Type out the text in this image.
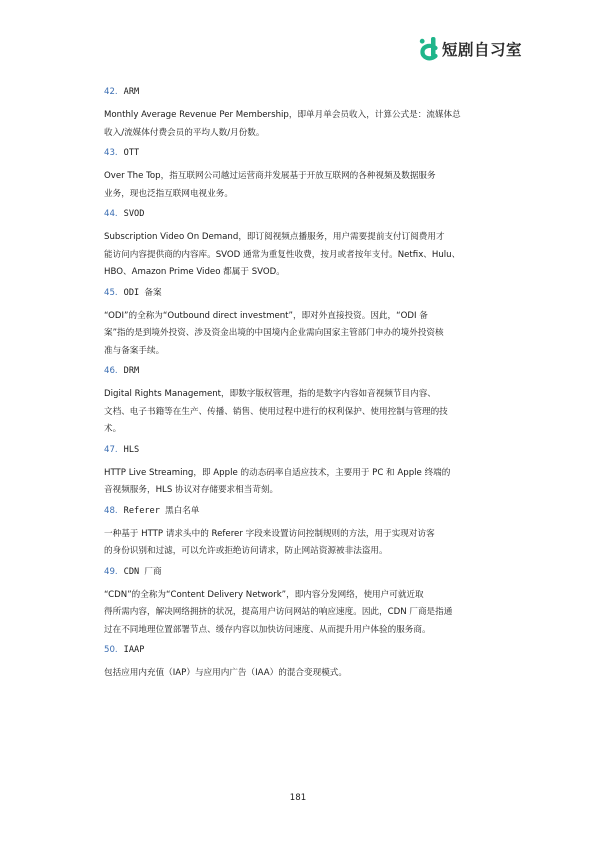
短剧自习室
42. ARM

Monthly Average Revenue Per Membership，即单月单会员收入，计算公式是：流媒体总
收入/流媒体付费会员的平均人数/月份数。

43. OTT

Over The Top，指互联网公司越过运营商并发展基于开放互联网的各种视频及数据服务
业务，现也泛指互联网电视业务。

44. SVOD

Subscription Video On Demand，即订阅视频点播服务，用户需要提前支付订阅费用才
能访问内容提供商的内容库。SVOD 通常为重复性收费，按月或者按年支付。Netfix、Hulu、
HBO、Amazon Prime Video 都属于 SVOD。

45. ODI 备案

“ODI”的全称为“Outbound direct investment”，即对外直接投资。因此，“ODI 备
案”指的是到境外投资、涉及资金出境的中国境内企业需向国家主管部门申办的境外投资核
准与备案手续。

46. DRM

Digital Rights Management，即数字版权管理，指的是数字内容如音视频节目内容、
文档、电子书籍等在生产、传播、销售、使用过程中进行的权利保护、使用控制与管理的技
术。

47. HLS

HTTP Live Streaming，即 Apple 的动态码率自适应技术，主要用于 PC 和 Apple 终端的
音视频服务，HLS 协议对存储要求相当苛刻。

48. Referer 黑白名单

一种基于 HTTP 请求头中的 Referer 字段来设置访问控制规则的方法，用于实现对访客
的身份识别和过滤，可以允许或拒绝访问请求，防止网站资源被非法盗用。

49. CDN 厂商

“CDN”的全称为“Content Delivery Network”，即内容分发网络，使用户可就近取
得所需内容，解决网络拥挤的状况，提高用户访问网站的响应速度。因此，CDN 厂商是指通
过在不同地理位置部署节点、缓存内容以加快访问速度、从而提升用户体验的服务商。

50. IAAP

包括应用内充值（IAP）与应用内广告（IAA）的混合变现模式。

181
